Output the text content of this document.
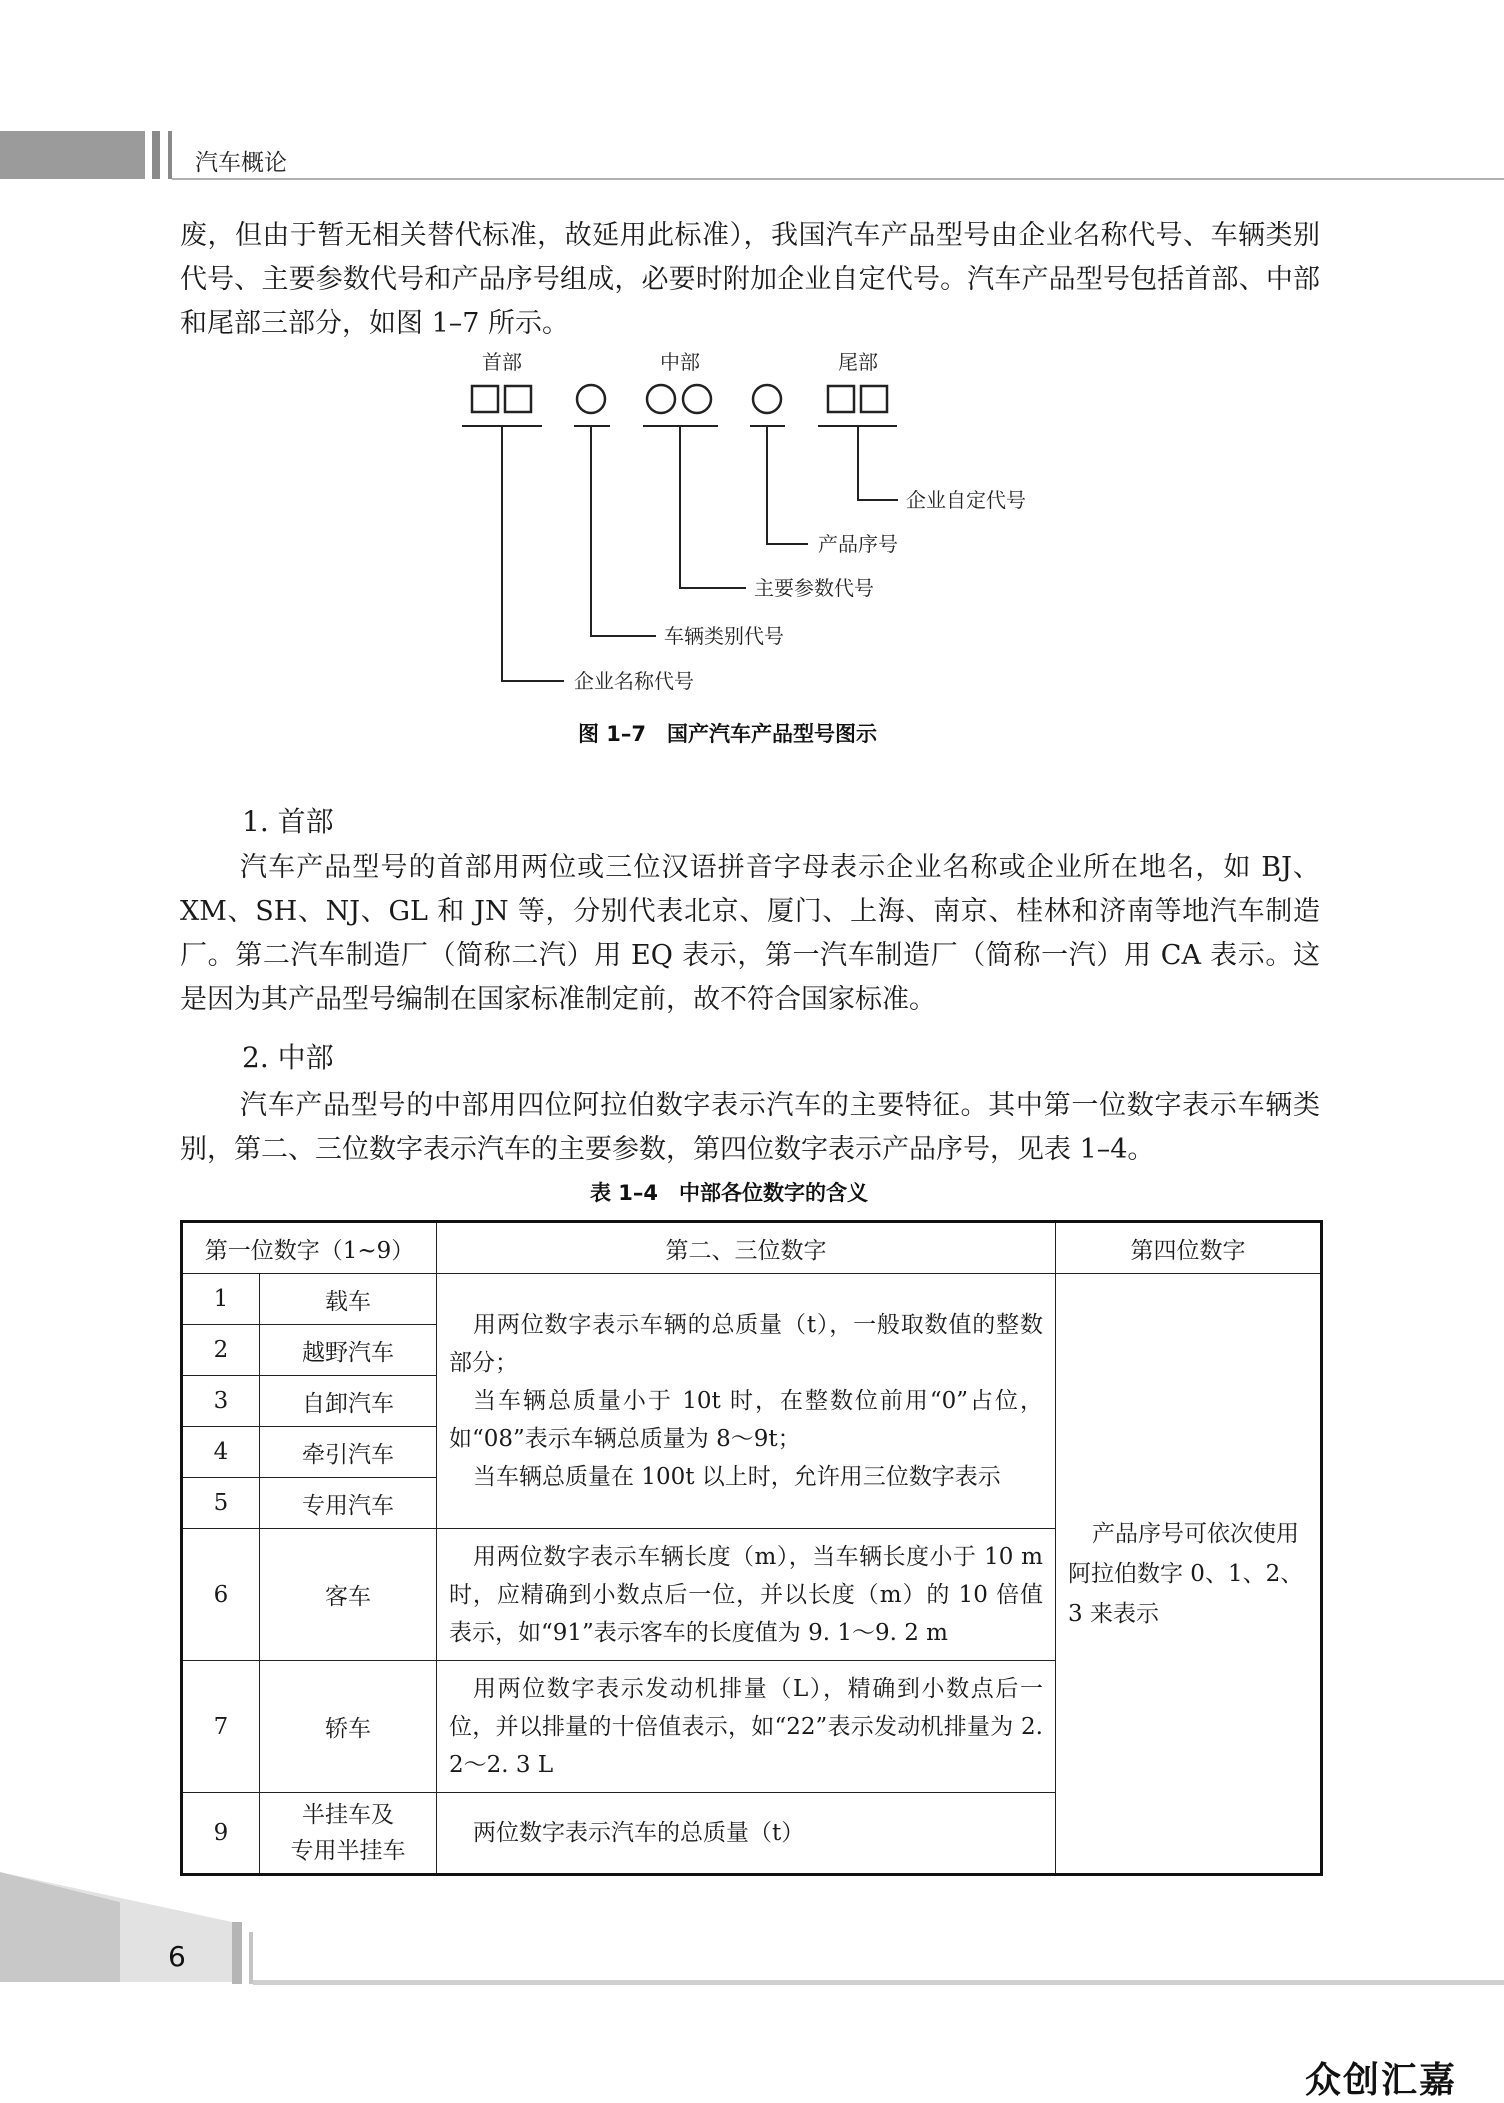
汽车概论

废，但由于暂无相关替代标准，故延用此标准），我国汽车产品型号由企业名称代号、车辆类别代号、主要参数代号和产品序号组成，必要时附加企业自定代号。汽车产品型号包括首部、中部和尾部三部分，如图 1–7 所示。

首部	中部	尾部
企业自定代号
产品序号
主要参数代号
车辆类别代号
企业名称代号
图 1–7　国产汽车产品型号图示

1. 首部

汽车产品型号的首部用两位或三位汉语拼音字母表示企业名称或企业所在地名，如 BJ、XM、SH、NJ、GL 和 JN 等，分别代表北京、厦门、上海、南京、桂林和济南等地汽车制造厂。第二汽车制造厂（简称二汽）用 EQ 表示，第一汽车制造厂（简称一汽）用 CA 表示。这是因为其产品型号编制在国家标准制定前，故不符合国家标准。

2. 中部

汽车产品型号的中部用四位阿拉伯数字表示汽车的主要特征。其中第一位数字表示车辆类别，第二、三位数字表示汽车的主要参数，第四位数字表示产品序号，见表 1–4。

表 1–4　中部各位数字的含义
第一位数字（1~9）		第二、三位数字	第四位数字
1	载车	用两位数字表示车辆的总质量（t），一般取数值的整数部分；

当车辆总质量小于 10t 时，在整数位前用“0”占位，如“08”表示车辆总质量为 8～9t；

当车辆总质量在 100t 以上时，允许用三位数字表示	产品序号可依次使用阿拉伯数字 0、1、2、3 来表示
2	越野汽车		
3	自卸汽车		
4	牵引汽车		
5	专用汽车		
6	客车	用两位数字表示车辆长度（m），当车辆长度小于 10 m 时，应精确到小数点后一位，并以长度（m）的 10 倍值表示，如“91”表示客车的长度值为 9. 1～9. 2 m	

7	轿车	用两位数字表示发动机排量（L），精确到小数点后一位，并以排量的十倍值表示，如“22”表示发动机排量为 2. 2～2. 3 L	

9	半挂车及
专用半挂车	两位数字表示汽车的总质量（t）	

6
众创汇嘉
